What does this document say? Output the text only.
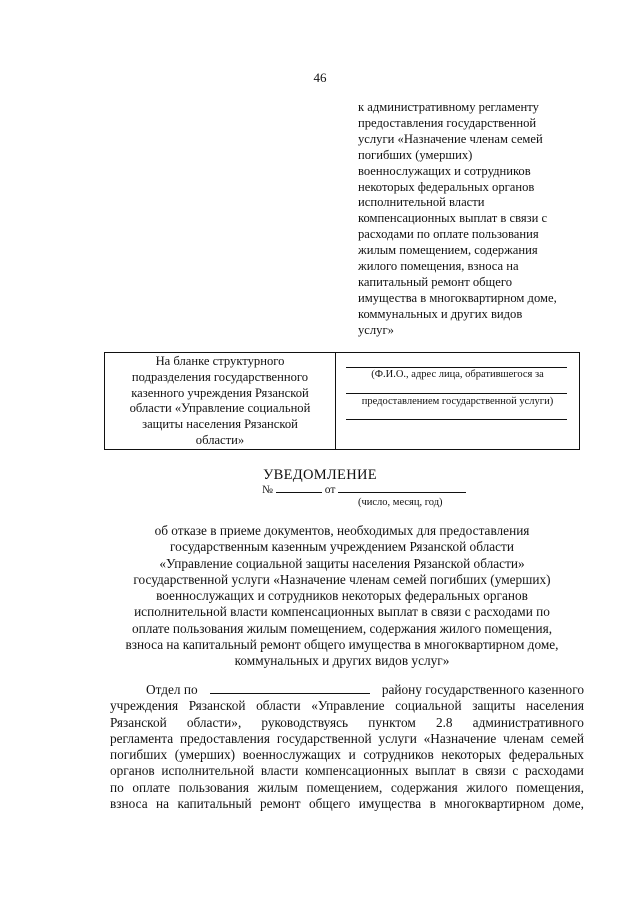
46
к административному регламенту
предоставления государственной
услуги «Назначение членам семей
погибших (умерших)
военнослужащих и сотрудников
некоторых федеральных органов
исполнительной власти
компенсационных выплат в связи с
расходами по оплате пользования
жилым помещением, содержания
жилого помещения, взноса на
капитальный ремонт общего
имущества в многоквартирном доме,
коммунальных и других видов
услуг»
На бланке структурного
подразделения государственного
казенного учреждения Рязанской
области «Управление социальной
защиты населения Рязанской
области»

(Ф.И.О., адрес лица, обратившегося за
предоставлением государственной услуги)
УВЕДОМЛЕНИЕ
№	от
(число, месяц, год)
об отказе в приеме документов, необходимых для предоставления
государственным казенным учреждением Рязанской области
«Управление социальной защиты населения Рязанской области»
государственной услуги «Назначение членам семей погибших (умерших)
военнослужащих и сотрудников некоторых федеральных органов
исполнительной власти компенсационных выплат в связи с расходами по
оплате пользования жилым помещением, содержания жилого помещения,
взноса на капитальный ремонт общего имущества в многоквартирном доме,
коммунальных и других видов услуг»
Отдел по	району государственного казенного
учреждения Рязанской области «Управление социальной защиты населения
Рязанской области», руководствуясь пунктом 2.8 административного
регламента предоставления государственной услуги «Назначение членам семей
погибших (умерших) военнослужащих и сотрудников некоторых федеральных
органов исполнительной власти компенсационных выплат в связи с расходами
по оплате пользования жилым помещением, содержания жилого помещения,
взноса на капитальный ремонт общего имущества в многоквартирном доме,
